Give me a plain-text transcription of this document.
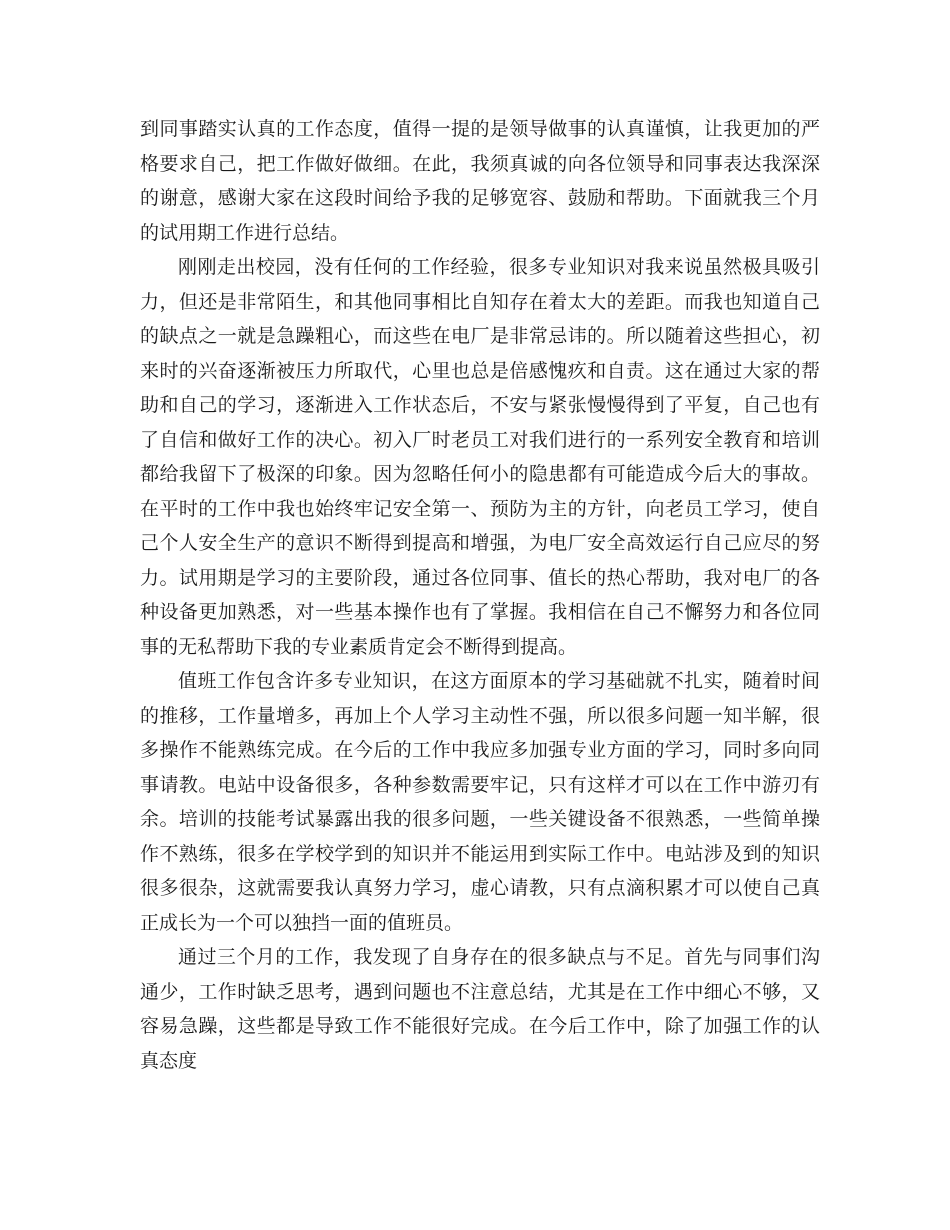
到同事踏实认真的工作态度，值得一提的是领导做事的认真谨慎，让我更加的严格要求自己，把工作做好做细。在此，我须真诚的向各位领导和同事表达我深深的谢意，感谢大家在这段时间给予我的足够宽容、鼓励和帮助。下面就我三个月的试用期工作进行总结。

刚刚走出校园，没有任何的工作经验，很多专业知识对我来说虽然极具吸引力，但还是非常陌生，和其他同事相比自知存在着太大的差距。而我也知道自己的缺点之一就是急躁粗心，而这些在电厂是非常忌讳的。所以随着这些担心，初来时的兴奋逐渐被压力所取代，心里也总是倍感愧疚和自责。这在通过大家的帮助和自己的学习，逐渐进入工作状态后，不安与紧张慢慢得到了平复，自己也有了自信和做好工作的决心。初入厂时老员工对我们进行的一系列安全教育和培训都给我留下了极深的印象。因为忽略任何小的隐患都有可能造成今后大的事故。在平时的工作中我也始终牢记安全第一、预防为主的方针，向老员工学习，使自己个人安全生产的意识不断得到提高和增强，为电厂安全高效运行自己应尽的努力。试用期是学习的主要阶段，通过各位同事、值长的热心帮助，我对电厂的各种设备更加熟悉，对一些基本操作也有了掌握。我相信在自己不懈努力和各位同事的无私帮助下我的专业素质肯定会不断得到提高。

值班工作包含许多专业知识，在这方面原本的学习基础就不扎实，随着时间的推移，工作量增多，再加上个人学习主动性不强，所以很多问题一知半解，很多操作不能熟练完成。在今后的工作中我应多加强专业方面的学习，同时多向同事请教。电站中设备很多，各种参数需要牢记，只有这样才可以在工作中游刃有余。培训的技能考试暴露出我的很多问题，一些关键设备不很熟悉，一些简单操作不熟练，很多在学校学到的知识并不能运用到实际工作中。电站涉及到的知识很多很杂，这就需要我认真努力学习，虚心请教，只有点滴积累才可以使自己真正成长为一个可以独挡一面的值班员。

通过三个月的工作，我发现了自身存在的很多缺点与不足。首先与同事们沟通少，工作时缺乏思考，遇到问题也不注意总结，尤其是在工作中细心不够，又容易急躁，这些都是导致工作不能很好完成。在今后工作中，除了加强工作的认真态度
